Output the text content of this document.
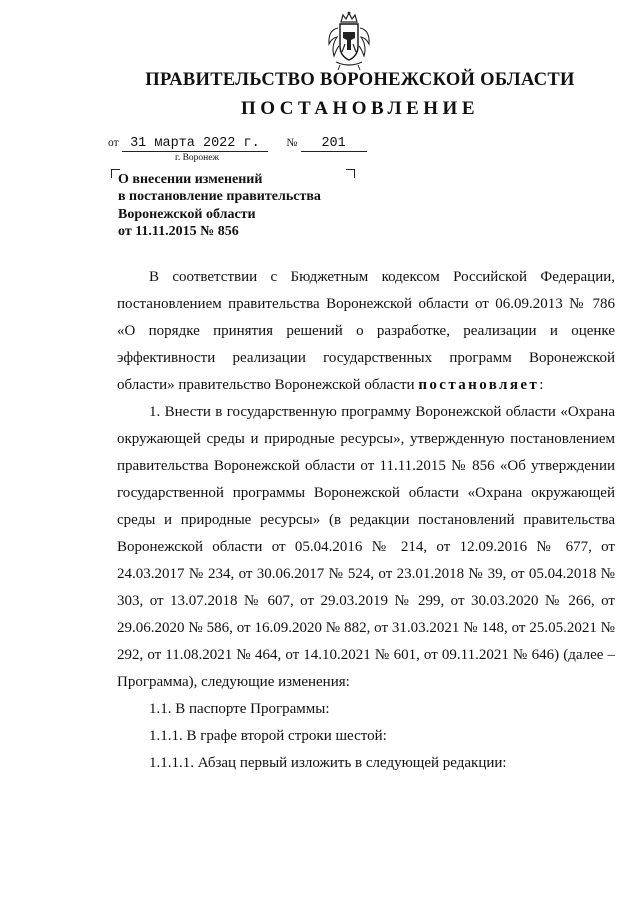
ПРАВИТЕЛЬСТВО ВОРОНЕЖСКОЙ ОБЛАСТИ
ПОСТАНОВЛЕНИЕ
от 31 марта 2022 г. № 201
г. Воронеж
О внесении изменений
в постановление правительства
Воронежской области
от 11.11.2015 № 856

В соответствии с Бюджетным кодексом Российской Федерации, постановлением правительства Воронежской области от 06.09.2013 № 786 «О порядке принятия решений о разработке, реализации и оценке эффективности реализации государственных программ Воронежской области» правительство Воронежской области постановляет:

1. Внести в государственную программу Воронежской области «Охрана окружающей среды и природные ресурсы», утвержденную постановлением правительства Воронежской области от 11.11.2015 № 856 «Об утверждении государственной программы Воронежской области «Охрана окружающей среды и природные ресурсы» (в редакции постановлений правительства Воронежской области от 05.04.2016 № 214, от 12.09.2016 № 677, от 24.03.2017 № 234, от 30.06.2017 № 524, от 23.01.2018 № 39, от 05.04.2018 № 303, от 13.07.2018 № 607, от 29.03.2019 № 299, от 30.03.2020 № 266, от 29.06.2020 № 586, от 16.09.2020 № 882, от 31.03.2021 № 148, от 25.05.2021 № 292, от 11.08.2021 № 464, от 14.10.2021 № 601, от 09.11.2021 № 646) (далее – Программа), следующие изменения:

1.1. В паспорте Программы:

1.1.1. В графе второй строки шестой:

1.1.1.1. Абзац первый изложить в следующей редакции:
